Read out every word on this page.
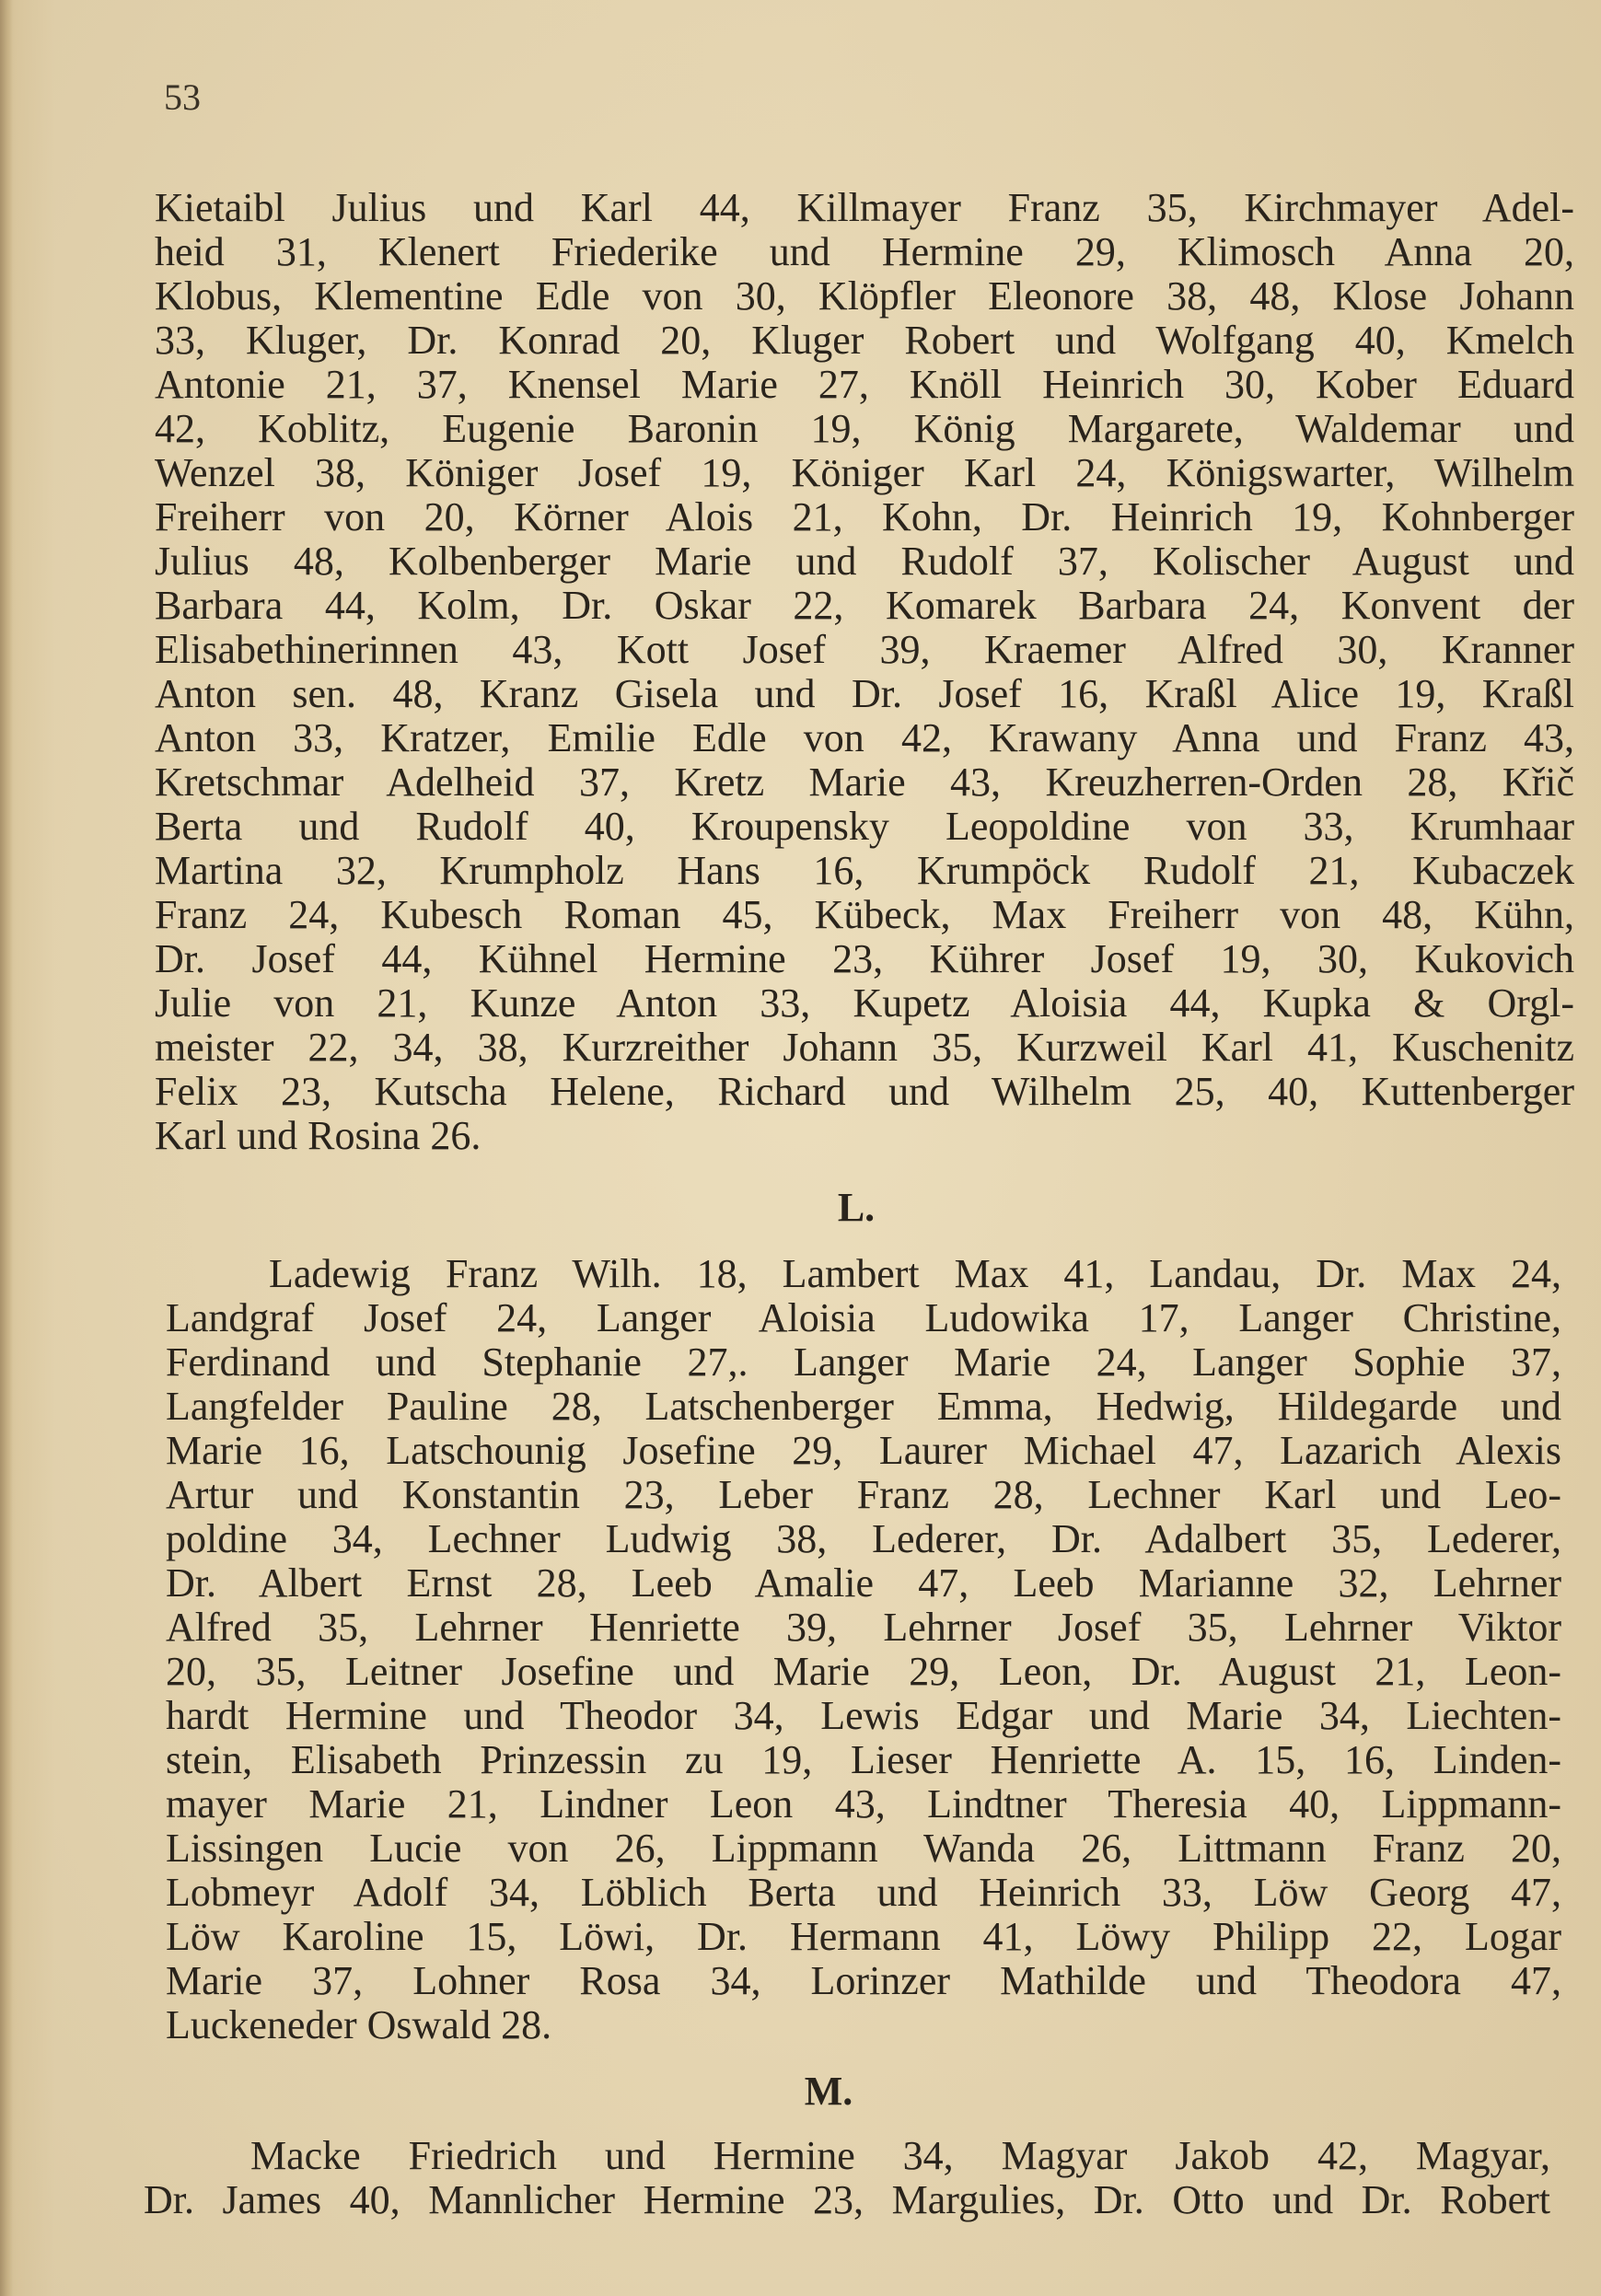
53
Kietaibl Julius und Karl 44, Killmayer Franz 35, Kirchmayer Adel-
heid 31, Klenert Friederike und Hermine 29, Klimosch Anna 20,
Klobus, Klementine Edle von 30, Klöpfler Eleonore 38, 48, Klose Johann
33, Kluger, Dr. Konrad 20, Kluger Robert und Wolfgang 40, Kmelch
Antonie 21, 37, Knensel Marie 27, Knöll Heinrich 30, Kober Eduard
42, Koblitz, Eugenie Baronin 19, König Margarete, Waldemar und
Wenzel 38, Königer Josef 19, Königer Karl 24, Königswarter, Wilhelm
Freiherr von 20, Körner Alois 21, Kohn, Dr. Heinrich 19, Kohnberger
Julius 48, Kolbenberger Marie und Rudolf 37, Kolischer August und
Barbara 44, Kolm, Dr. Oskar 22, Komarek Barbara 24, Konvent der
Elisabethinerinnen 43, Kott Josef 39, Kraemer Alfred 30, Kranner
Anton sen. 48, Kranz Gisela und Dr. Josef 16, Kraßl Alice 19, Kraßl
Anton 33, Kratzer, Emilie Edle von 42, Krawany Anna und Franz 43,
Kretschmar Adelheid 37, Kretz Marie 43, Kreuzherren-Orden 28, Křič
Berta und Rudolf 40, Kroupensky Leopoldine von 33, Krumhaar
Martina 32, Krumpholz Hans 16, Krumpöck Rudolf 21, Kubaczek
Franz 24, Kubesch Roman 45, Kübeck, Max Freiherr von 48, Kühn,
Dr. Josef 44, Kühnel Hermine 23, Kührer Josef 19, 30, Kukovich
Julie von 21, Kunze Anton 33, Kupetz Aloisia 44, Kupka & Orgl-
meister 22, 34, 38, Kurzreither Johann 35, Kurzweil Karl 41, Kuschenitz
Felix 23, Kutscha Helene, Richard und Wilhelm 25, 40, Kuttenberger
Karl und Rosina 26.
L.
Ladewig Franz Wilh. 18, Lambert Max 41, Landau, Dr. Max 24,
Landgraf Josef 24, Langer Aloisia Ludowika 17, Langer Christine,
Ferdinand und Stephanie 27,. Langer Marie 24, Langer Sophie 37,
Langfelder Pauline 28, Latschenberger Emma, Hedwig, Hildegarde und
Marie 16, Latschounig Josefine 29, Laurer Michael 47, Lazarich Alexis
Artur und Konstantin 23, Leber Franz 28, Lechner Karl und Leo-
poldine 34, Lechner Ludwig 38, Lederer, Dr. Adalbert 35, Lederer,
Dr. Albert Ernst 28, Leeb Amalie 47, Leeb Marianne 32, Lehrner
Alfred 35, Lehrner Henriette 39, Lehrner Josef 35, Lehrner Viktor
20, 35, Leitner Josefine und Marie 29, Leon, Dr. August 21, Leon-
hardt Hermine und Theodor 34, Lewis Edgar und Marie 34, Liechten-
stein, Elisabeth Prinzessin zu 19, Lieser Henriette A. 15, 16, Linden-
mayer Marie 21, Lindner Leon 43, Lindtner Theresia 40, Lippmann-
Lissingen Lucie von 26, Lippmann Wanda 26, Littmann Franz 20,
Lobmeyr Adolf 34, Löblich Berta und Heinrich 33, Löw Georg 47,
Löw Karoline 15, Löwi, Dr. Hermann 41, Löwy Philipp 22, Logar
Marie 37, Lohner Rosa 34, Lorinzer Mathilde und Theodora 47,
Luckeneder Oswald 28.
M.
Macke Friedrich und Hermine 34, Magyar Jakob 42, Magyar,
Dr. James 40, Mannlicher Hermine 23, Margulies, Dr. Otto und Dr. Robert
